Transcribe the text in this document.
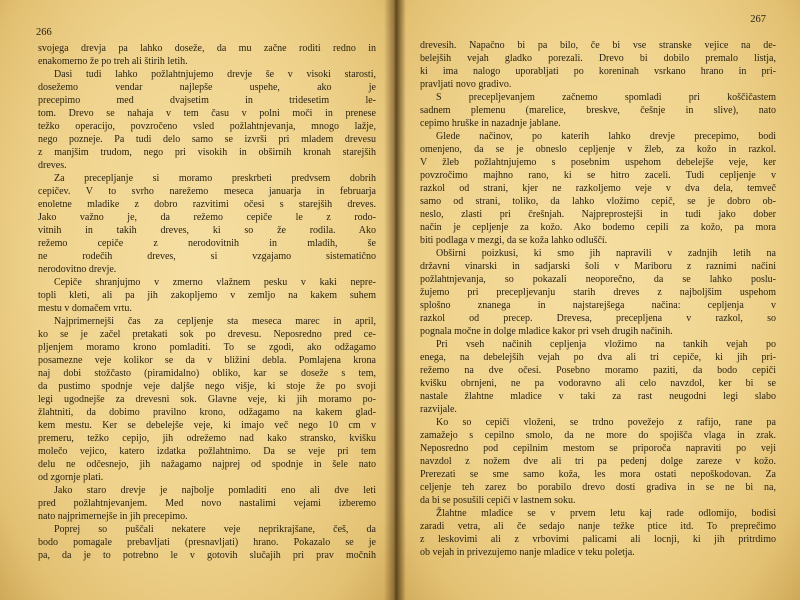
266
svojega drevja pa lahko doseže, da mu začne roditi redno in
enakomerno že po treh ali štirih letih.
Dasi tudi lahko požlahtnjujemo drevje še v visoki starosti,
dosežemo vendar najlepše uspehe, ako je
precepimo med dvajsetim in tridesetim le-
tom. Drevo se nahaja v tem času v polni moči in prenese
težko operacijo, povzročeno vsled požlahtnjevanja, mnogo lažje,
nego pozneje. Pa tudi delo samo se izvrši pri mladem drevesu
z manjšim trudom, nego pri visokih in obširnih kronah starejših
dreves.
Za precepljanje si moramo preskrbeti predvsem dobrih
cepičev. V to svrho narežemo meseca januarja in februarja
enoletne mladike z dobro razvitimi očesi s starejših dreves.
Jako važno je, da režemo cepiče le z rodo-
vitnih in takih dreves, ki so že rodila. Ako
režemo cepiče z nerodovitnih in mladih, še
ne rodečih dreves, si vzgajamo sistematično
nerodovitno drevje.
Cepiče shranjujmo v zmerno vlažnem pesku v kaki nepre-
topli kleti, ali pa jih zakopljemo v zemljo na kakem suhem
mestu v domačem vrtu.
Najprimernejši čas za cepljenje sta meseca marec in april,
ko se je začel pretakati sok po drevesu. Neposredno pred ce-
pljenjem moramo krono pomladiti. To se zgodi, ako odžagamo
posamezne veje kolikor se da v bližini debla. Pomlajena krona
naj dobi stožčasto (piramidalno) obliko, kar se doseže s tem,
da pustimo spodnje veje daljše nego višje, ki stoje že po svoji
legi ugodnejše za drevesni sok. Glavne veje, ki jih moramo po-
žlahtniti, da dobimo pravilno krono, odžagamo na kakem glad-
kem mestu. Ker se debelejše veje, ki imajo več nego 10 cm v
premeru, težko cepijo, jih odrežemo nad kako stransko, kvišku
molečo vejico, katero izdatka požlahtnimo. Da se veje pri tem
delu ne odčesnejo, jih nažagamo najprej od spodnje in šele nato
od zgornje plati.
Jako staro drevje je najbolje pomladiti eno ali dve leti
pred požlahtnjevanjem. Med novo nastalimi vejami izberemo
nato najprimernejše in jih precepimo.
Poprej so puščali nekatere veje neprikrajšane, češ, da
bodo pomagale prebavljati (presnavljati) hrano. Pokazalo se je
pa, da je to potrebno le v gotovih slučajih pri prav močnih
267
drevesih. Napačno bi pa bilo, če bi vse stranske vejice na de-
belejših vejah gladko porezali. Drevo bi dobilo premalo listja,
ki ima nalogo uporabljati po koreninah vsrkano hrano in pri-
pravljati novo gradivo.
S precepljevanjem začnemo spomladi pri koščičastem
sadnem plemenu (marelice, breskve, češnje in slive), nato
cepimo hruške in nazadnje jablane.
Glede načinov, po katerih lahko drevje precepimo, bodi
omenjeno, da se je obneslo cepljenje v žleb, za kožo in razkol.
V žleb požlahtnjujemo s posebnim uspehom debelejše veje, ker
povzročimo majhno rano, ki se hitro zaceli. Tudi cepljenje v
razkol od strani, kjer ne razkoljemo veje v dva dela, temveč
samo od strani, toliko, da lahko vložimo cepič, se je dobro ob-
neslo, zlasti pri črešnjah. Najpreprostejši in tudi jako dober
način je cepljenje za kožo. Ako bodemo cepili za kožo, pa mora
biti podlaga v mezgi, da se koža lahko odluščí.
Obširni poizkusi, ki smo jih napravili v zadnjih letih na
državni vinarski in sadjarski šoli v Mariboru z raznimi načini
požlahtnjevanja, so pokazali neoporečno, da se lahko poslu-
žujemo pri precepljevanju starih dreves z najboljšim uspehom
splošno znanega in najstarejšega načina: cepljenja v
razkol od precep. Drevesa, precepljena v razkol, so
pognala močne in dolge mladice kakor pri vseh drugih načinih.
Pri vseh načinih cepljenja vložimo na tankih vejah po
enega, na debelejših vejah po dva ali tri cepiče, ki jih pri-
režemo na dve očesi. Posebno moramo paziti, da bodo cepiči
kvišku obrnjeni, ne pa vodoravno ali celo navzdol, ker bi se
nastale žlahtne mladice v taki za rast neugodni legi slabo
razvijale.
Ko so cepiči vloženi, se trdno povežejo z rafijo, rane pa
zamažejo s cepilno smolo, da ne more do spojišča vlaga in zrak.
Neposredno pod cepilnim mestom se priporoča napraviti po veji
navzdol z nožem dve ali tri pa pedenj dolge zareze v kožo.
Prerezati se sme samo koža, les mora ostati nepoškodovan. Za
celjenje teh zarez bo porabilo drevo dosti gradiva in se ne bi na,
da bi se posušili cepiči v lastnem soku.
Žlahtne mladice se v prvem letu kaj rade odlomijo, bodisi
zaradi vetra, ali če sedajo nanje težke ptice itd. To preprečimo
z leskovimi ali z vrbovimi palicami ali locnji, ki jih pritrdimo
ob vejah in privezujemo nanje mladice v teku poletja.
